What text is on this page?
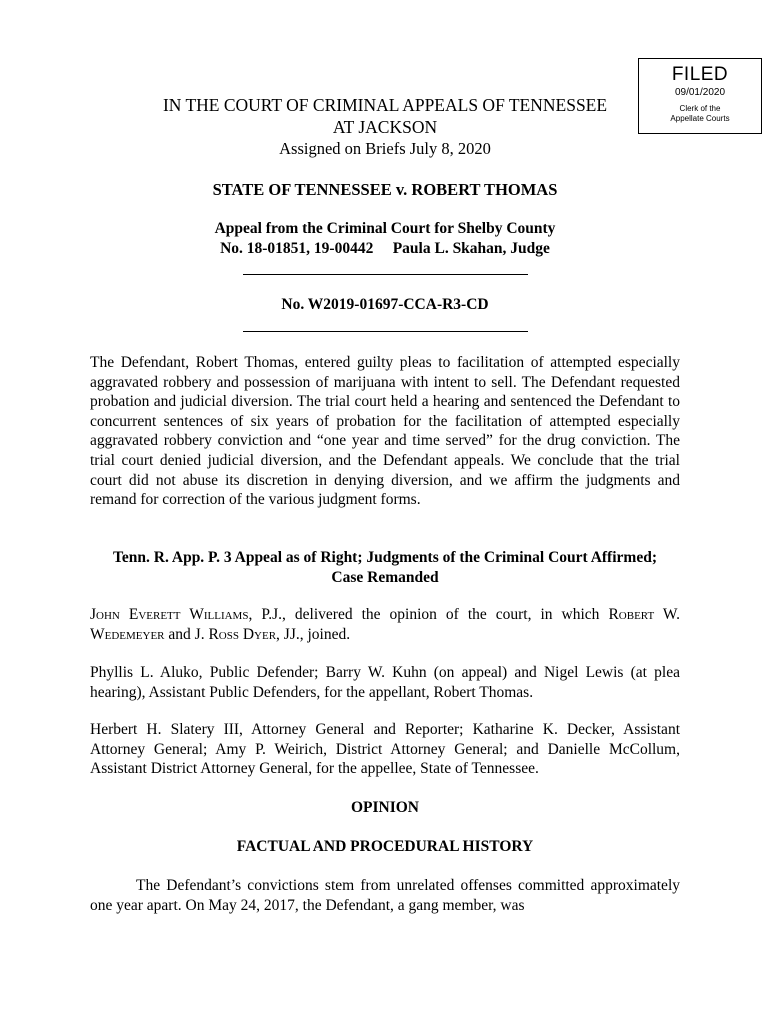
FILED
09/01/2020
Clerk of the
Appellate Courts
IN THE COURT OF CRIMINAL APPEALS OF TENNESSEE
AT JACKSON
Assigned on Briefs July 8, 2020
STATE OF TENNESSEE v. ROBERT THOMAS
Appeal from the Criminal Court for Shelby County
No. 18-01851, 19-00442     Paula L. Skahan, Judge
No. W2019-01697-CCA-R3-CD
The Defendant, Robert Thomas, entered guilty pleas to facilitation of attempted especially aggravated robbery and possession of marijuana with intent to sell. The Defendant requested probation and judicial diversion. The trial court held a hearing and sentenced the Defendant to concurrent sentences of six years of probation for the facilitation of attempted especially aggravated robbery conviction and “one year and time served” for the drug conviction. The trial court denied judicial diversion, and the Defendant appeals. We conclude that the trial court did not abuse its discretion in denying diversion, and we affirm the judgments and remand for correction of the various judgment forms.
Tenn. R. App. P. 3 Appeal as of Right; Judgments of the Criminal Court Affirmed;
Case Remanded
John Everett Williams, P.J., delivered the opinion of the court, in which Robert W. Wedemeyer and J. Ross Dyer, JJ., joined.
Phyllis L. Aluko, Public Defender; Barry W. Kuhn (on appeal) and Nigel Lewis (at plea hearing), Assistant Public Defenders, for the appellant, Robert Thomas.
Herbert H. Slatery III, Attorney General and Reporter; Katharine K. Decker, Assistant Attorney General; Amy P. Weirich, District Attorney General; and Danielle McCollum, Assistant District Attorney General, for the appellee, State of Tennessee.
OPINION
FACTUAL AND PROCEDURAL HISTORY
The Defendant’s convictions stem from unrelated offenses committed approximately one year apart. On May 24, 2017, the Defendant, a gang member, was
